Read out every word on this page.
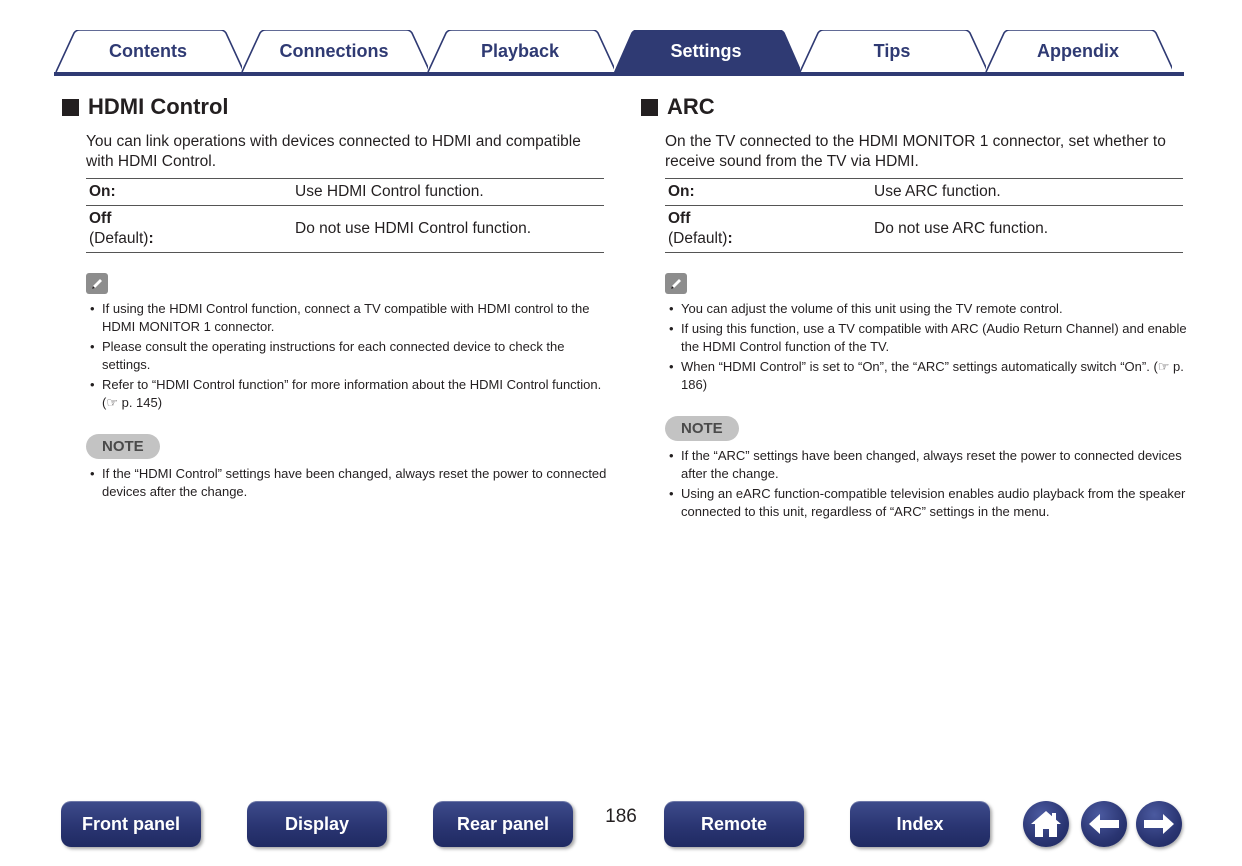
Contents	Connections	Playback	Settings	Tips	Appendix
HDMI Control
You can link operations with devices connected to HDMI and compatible with HDMI Control.
On:	Use HDMI Control function.

Off
(Default):	Do not use HDMI Control function.
• If using the HDMI Control function, connect a TV compatible with HDMI control to the HDMI MONITOR 1 connector.
• Please consult the operating instructions for each connected device to check the settings.
• Refer to “HDMI Control function” for more information about the HDMI Control function. (☞ p. 145)
NOTE
• If the “HDMI Control” settings have been changed, always reset the power to connected devices after the change.
ARC
On the TV connected to the HDMI MONITOR 1 connector, set whether to receive sound from the TV via HDMI.
On:	Use ARC function.

Off
(Default):	Do not use ARC function.
• You can adjust the volume of this unit using the TV remote control.
• If using this function, use a TV compatible with ARC (Audio Return Channel) and enable the HDMI Control function of the TV.
• When “HDMI Control” is set to “On”, the “ARC” settings automatically switch “On”. (☞ p. 186)
NOTE
• If the “ARC” settings have been changed, always reset the power to connected devices after the change.
• Using an eARC function-compatible television enables audio playback from the speaker connected to this unit, regardless of “ARC” settings in the menu.
Front panel	Display	Rear panel	186	Remote	Index
